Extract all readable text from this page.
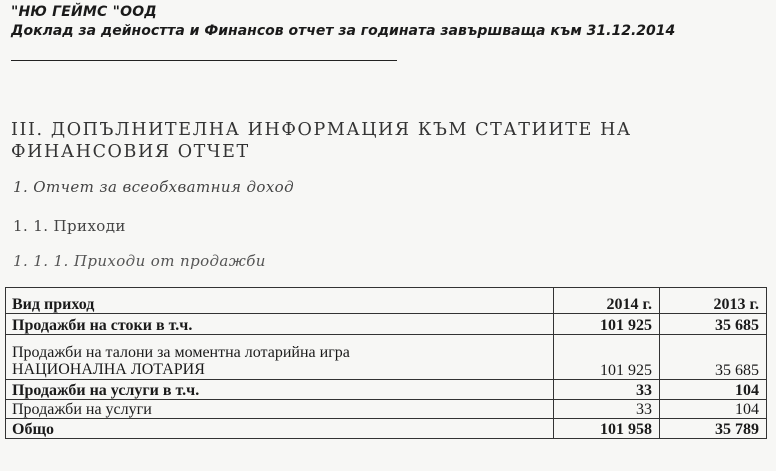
"НЮ ГЕЙМС "ООД
Доклад за дейността и Финансов отчет за годината завършваща към 31.12.2014
III. ДОПЪЛНИТЕЛНА ИНФОРМАЦИЯ КЪМ СТАТИИТЕ НА ФИНАНСОВИЯ ОТЧЕТ
1. Отчет за всеобхватния доход
1. 1. Приходи
1. 1. 1. Приходи от продажби
Вид приход	2014 г.	2013 г.
Продажби на стоки в т.ч.	101 925	35 685

Продажби на талони за моментна лотарийна игра НАЦИОНАЛНА ЛОТАРИЯ	101 925	35 685
Продажби на услуги в т.ч.	33	104
Продажби на услуги	33	104
Общо	101 958	35 789
